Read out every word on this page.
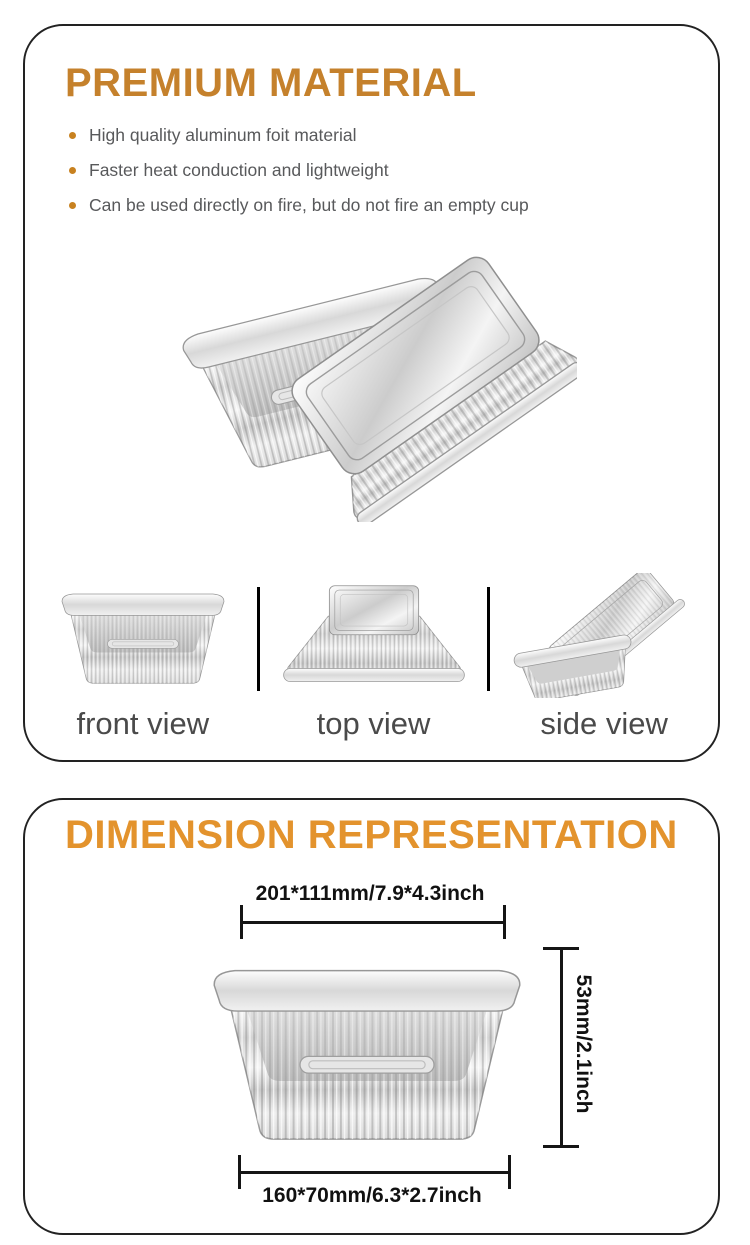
PREMIUM MATERIAL
High quality aluminum foit material
Faster heat conduction and lightweight
Can be used directly on fire, but do not fire an empty cup
front view	top view	side view
DIMENSION REPRESENTATION
201*111mm/7.9*4.3inch
53mm/2.1inch
160*70mm/6.3*2.7inch
